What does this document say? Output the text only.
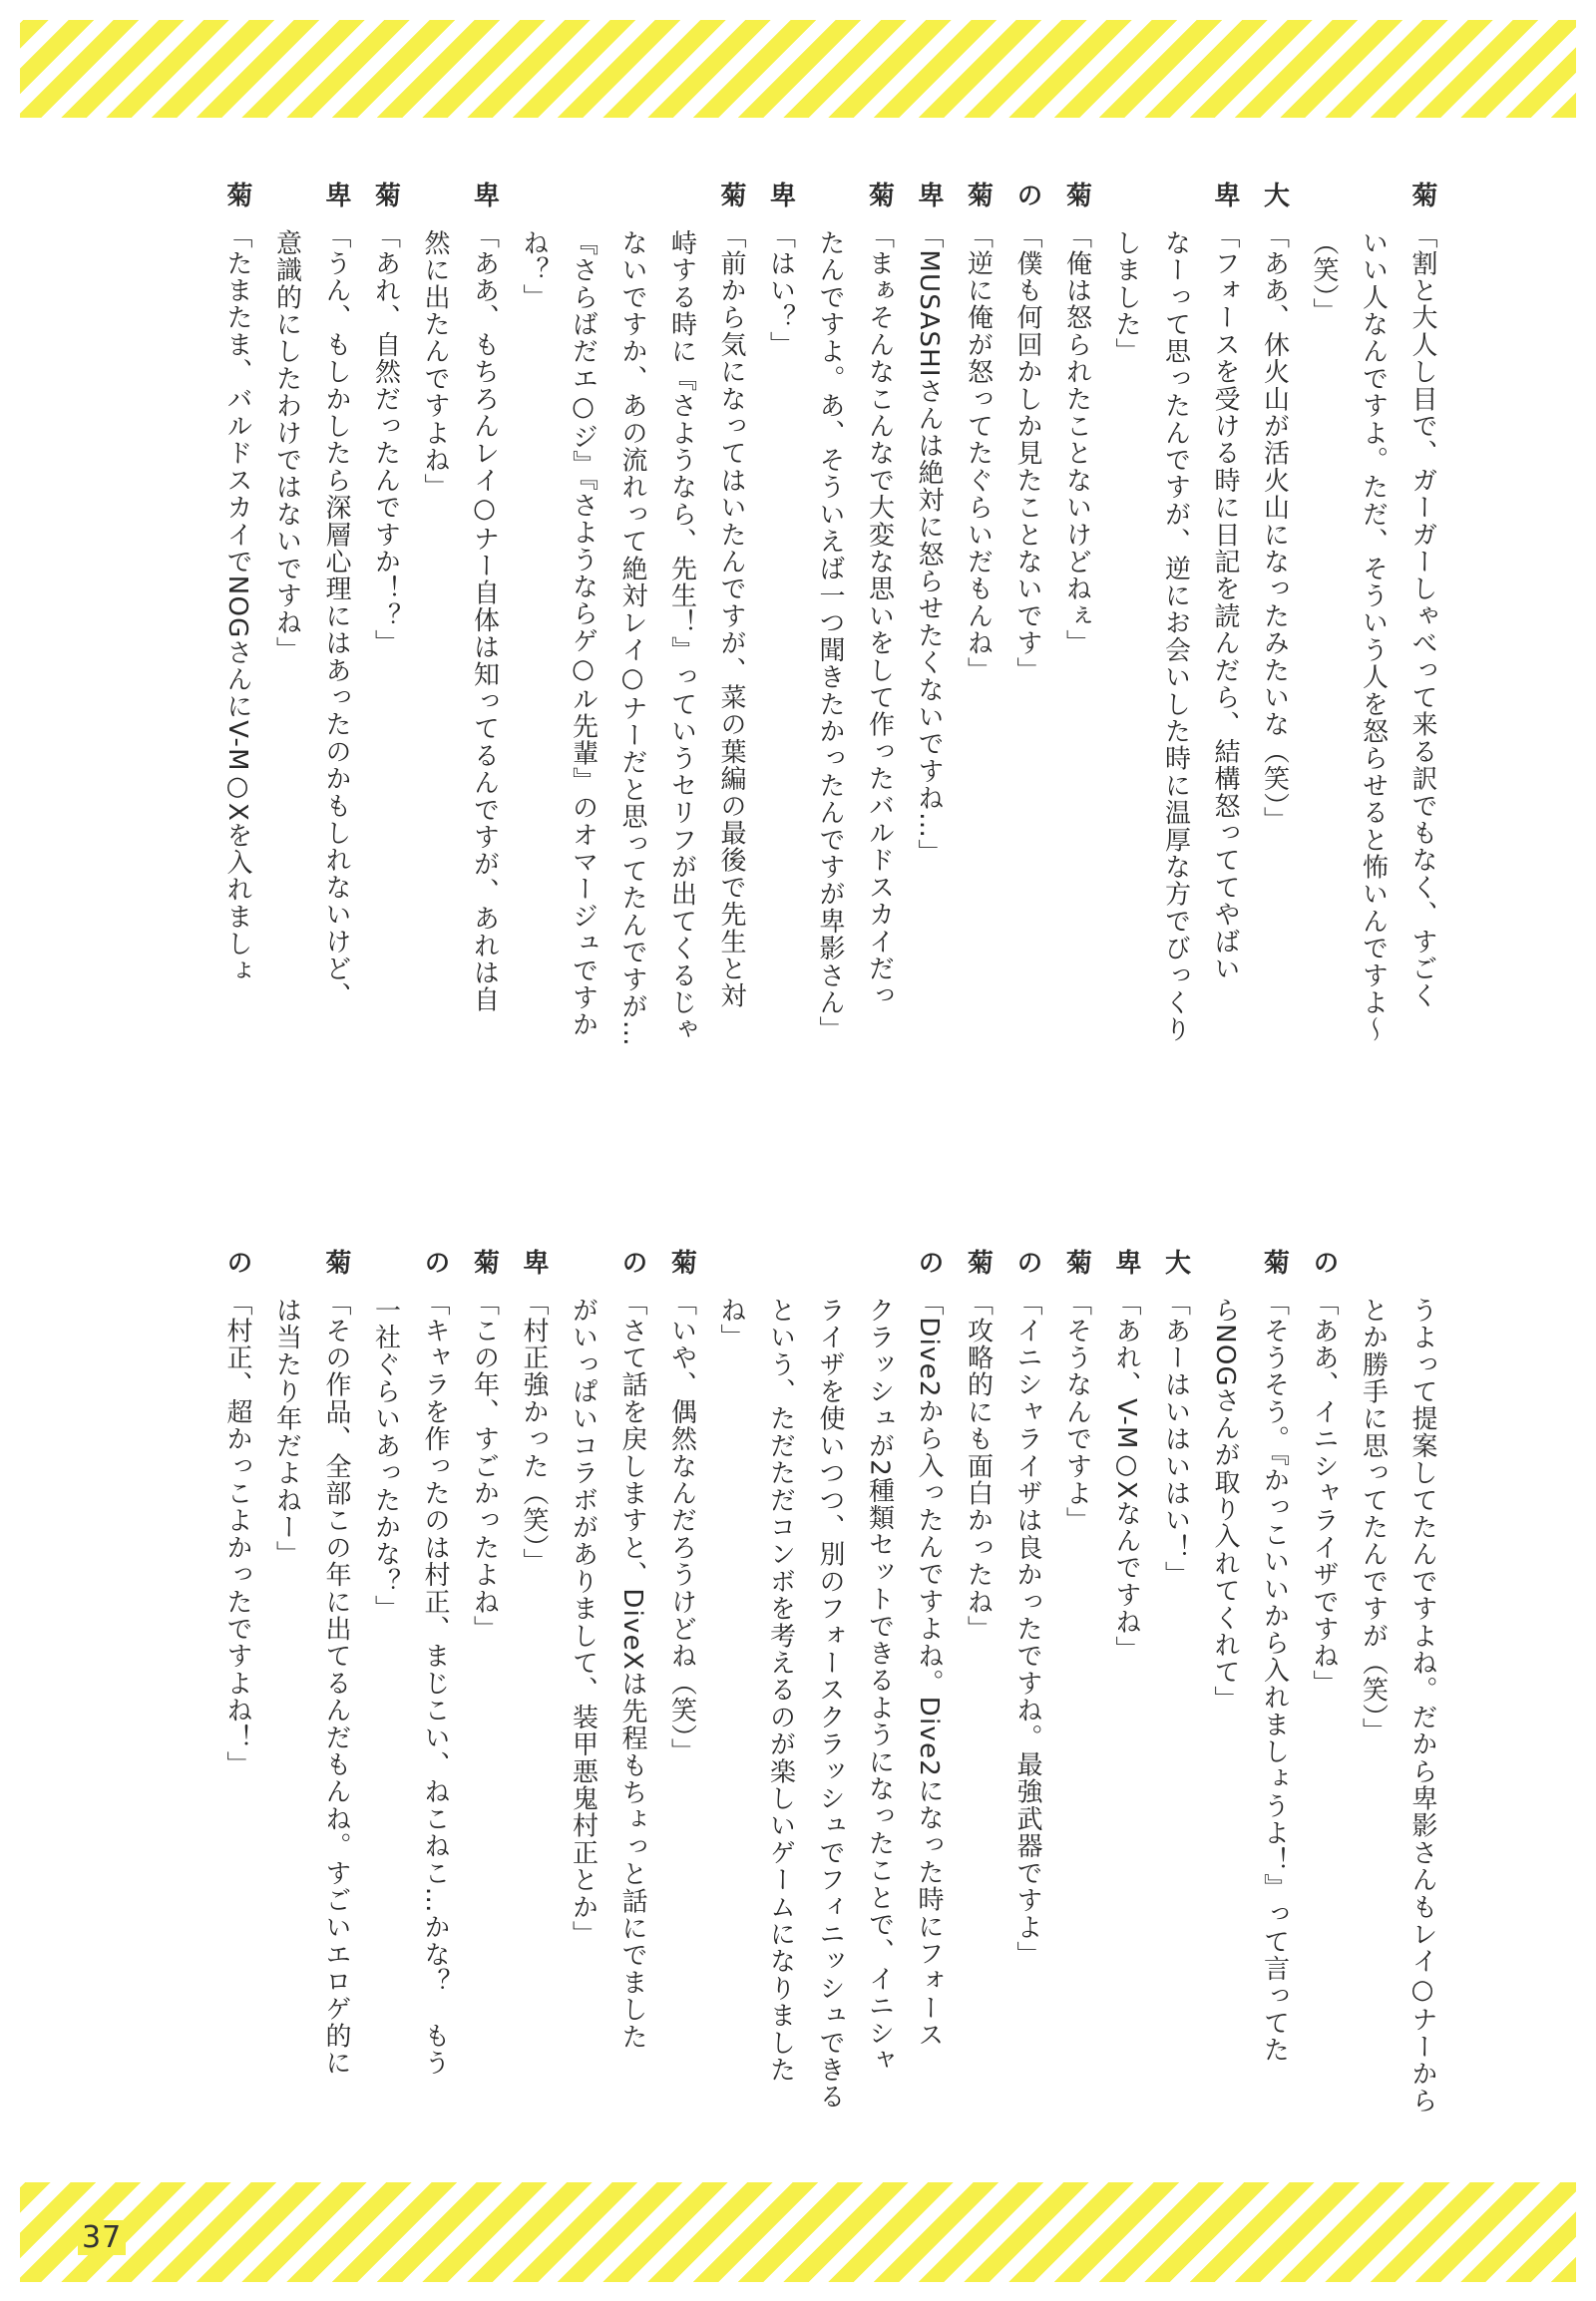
37
菊「割と大人し目で、ガーガーしゃべって来る訳でもなく、すごく
いい人なんですよ。ただ、そういう人を怒らせると怖いんですよ～
（笑）」
大「ああ、休火山が活火山になったみたいな（笑）」
卑「フォースを受ける時に日記を読んだら、結構怒っててやばい
なーって思ったんですが、逆にお会いした時に温厚な方でびっくり
しました」
菊「俺は怒られたことないけどねぇ」
の「僕も何回かしか見たことないです」
菊「逆に俺が怒ってたぐらいだもんね」
卑「MUSASHIさんは絶対に怒らせたくないですね…」
菊「まぁそんなこんなで大変な思いをして作ったバルドスカイだっ
たんですよ。あ、そういえば一つ聞きたかったんですが卑影さん」
卑「はい？」
菊「前から気になってはいたんですが、菜の葉編の最後で先生と対
峙する時に『さようなら、先生！』っていうセリフが出てくるじゃ
ないですか、あの流れって絶対レイ○ナーだと思ってたんですが…
『さらばだエ○ジ』『さようならゲ○ル先輩』のオマージュですか
ね？」
卑「ああ、もちろんレイ○ナー自体は知ってるんですが、あれは自
然に出たんですよね」
菊「あれ、自然だったんですか！？」
卑「うん、もしかしたら深層心理にはあったのかもしれないけど、
意識的にしたわけではないですね」
菊「たまたま、バルドスカイでNOGさんにV-M○Xを入れましょ
うよって提案してたんですよね。だから卑影さんもレイ○ナーから
とか勝手に思ってたんですが（笑）」
の「ああ、イニシャライザですね」
菊「そうそう。『かっこいいから入れましょうよ！』って言ってた
らNOGさんが取り入れてくれて」
大「あーはいはいはい！」
卑「あれ、V-M○Xなんですね」
菊「そうなんですよ」
の「イニシャライザは良かったですね。最強武器ですよ」
菊「攻略的にも面白かったね」
の「Dive2から入ったんですよね。Dive2になった時にフォース
クラッシュが2種類セットできるようになったことで、イニシャ
ライザを使いつつ、別のフォースクラッシュでフィニッシュできる
という、ただただコンボを考えるのが楽しいゲームになりました
ね」
菊「いや、偶然なんだろうけどね（笑）」
の「さて話を戻しますと、DiveXは先程もちょっと話にでました
がいっぱいコラボがありまして、装甲悪鬼村正とか」
卑「村正強かった（笑）」
菊「この年、すごかったよね」
の「キャラを作ったのは村正、まじこい、ねこねこ…かな？　もう
一社ぐらいあったかな？」
菊「その作品、全部この年に出てるんだもんね。すごいエロゲ的に
は当たり年だよねー」
の「村正、超かっこよかったですよね！」
